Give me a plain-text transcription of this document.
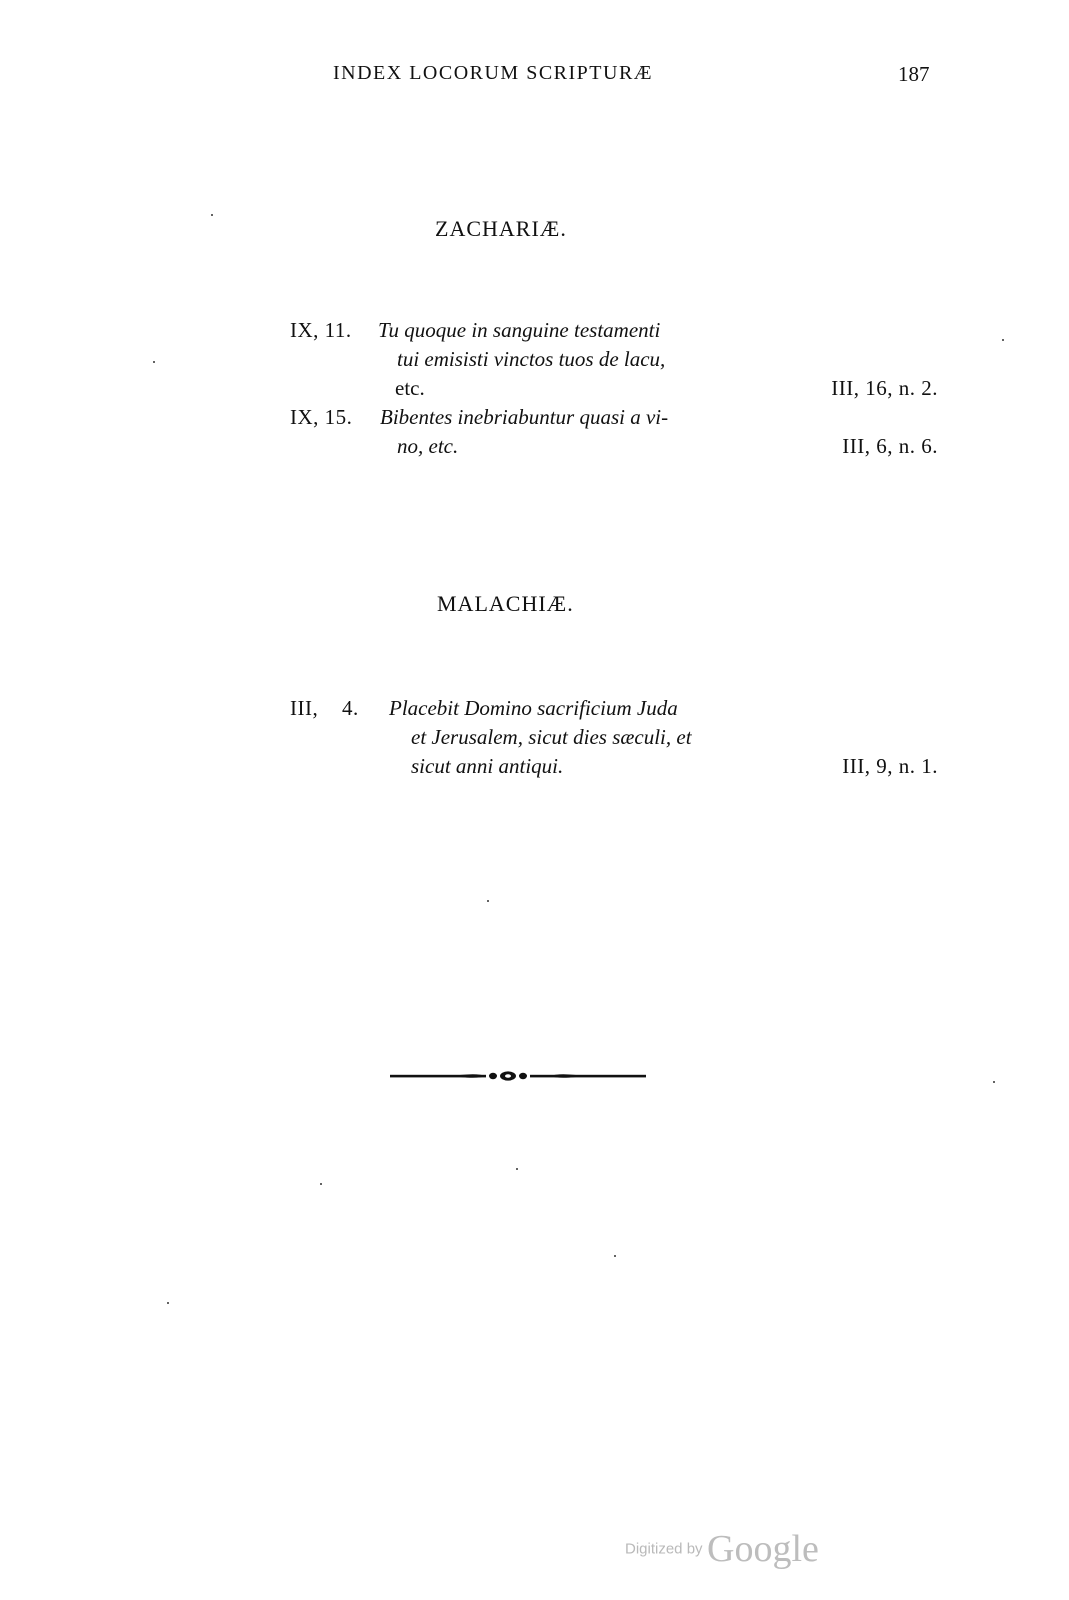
INDEX LOCORUM SCRIPTURÆ	187
ZACHARIÆ.
IX, 11. Tu quoque in sanguine testamenti
tui emisisti vinctos tuos de lacu,
etc.	III, 16, n. 2.
IX, 15. Bibentes inebriabuntur quasi a vi-
no, etc.	III, 6, n. 6.
MALACHIÆ.
III, 4. Placebit Domino sacrificium Juda
et Jerusalem, sicut dies sæculi, et
sicut anni antiqui.	III, 9, n. 1.
Digitized by Google
